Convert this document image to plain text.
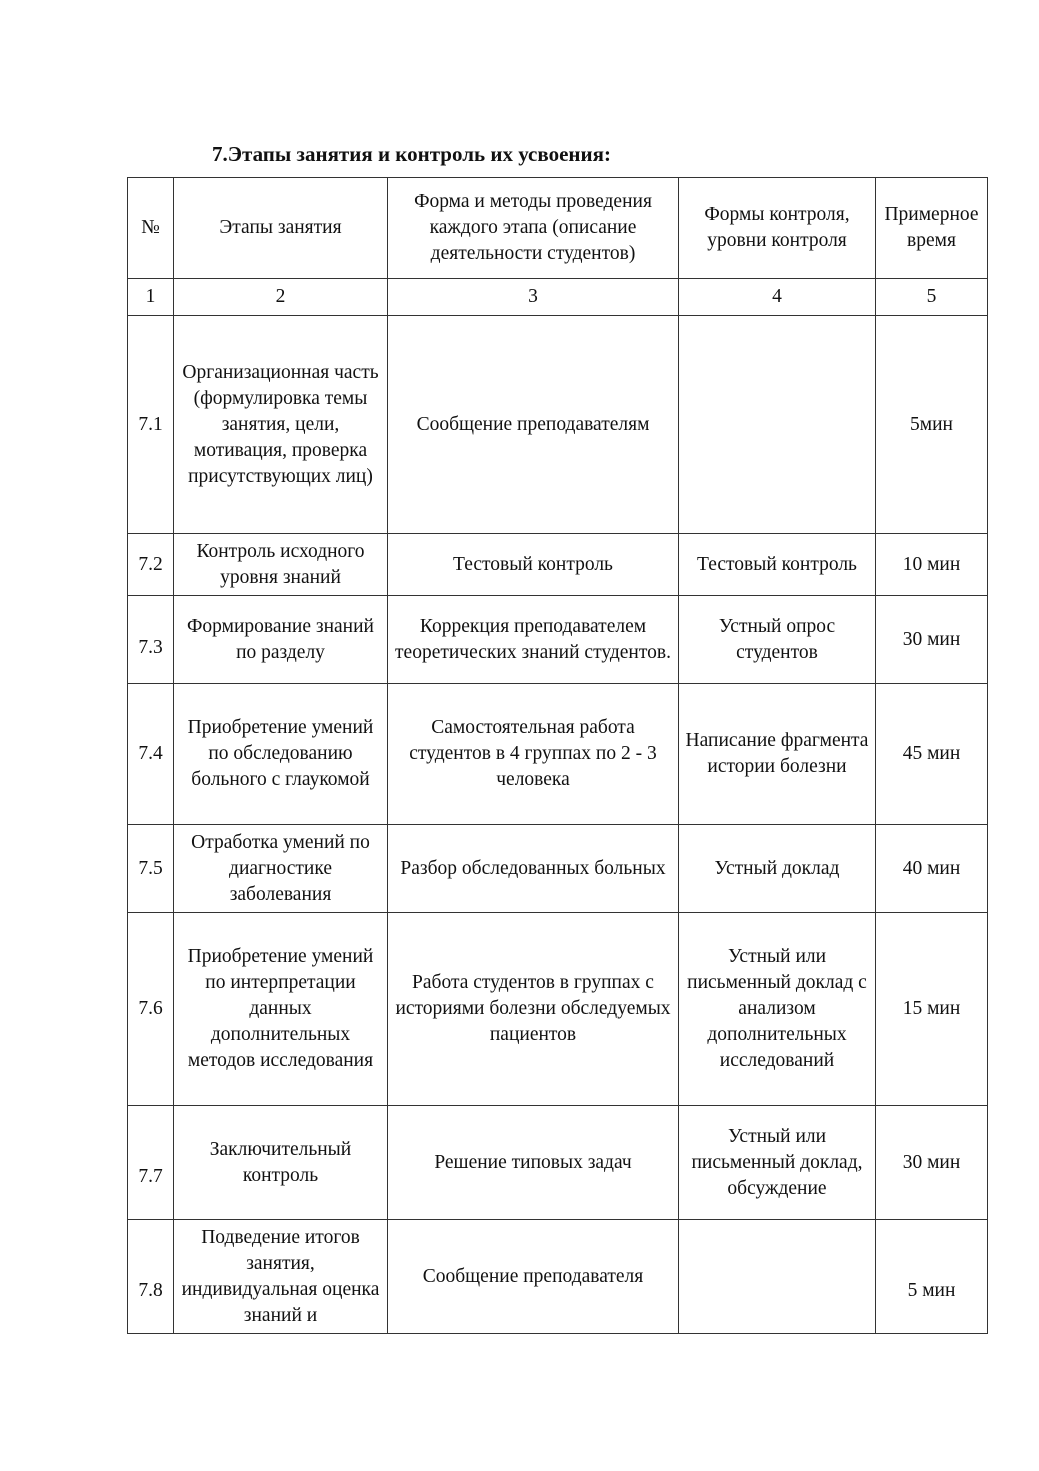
7.Этапы занятия и контроль их усвоения:
№	Этапы занятия	Форма и методы проведения каждого этапа (описание деятельности студентов)	Формы контроля, уровни контроля	Примерное время
1	2	3	4	5
7.1	Организационная часть (формулировка темы занятия, цели, мотивация, проверка присутствующих лиц)	Сообщение преподавателям		5мин
7.2	Контроль исходного уровня знаний	Тестовый контроль	Тестовый контроль	10 мин
7.3	Формирование знаний по разделу	Коррекция преподавателем теоретических знаний студентов.	Устный опрос студентов	30 мин
7.4	Приобретение умений по обследованию больного с глаукомой	Самостоятельная работа студентов в 4 группах по 2 - 3 человека	Написание фрагмента истории болезни	45 мин
7.5	Отработка умений по диагностике заболевания	Разбор обследованных больных	Устный доклад	40 мин
7.6	Приобретение умений по интерпретации данных дополнительных методов исследования	Работа студентов в группах с историями болезни обследуемых пациентов	Устный или письменный доклад с анализом дополнительных исследований	15 мин
7.7	Заключительный контроль	Решение типовых задач	Устный или письменный доклад, обсуждение	30 мин
7.8	Подведение итогов занятия, индивидуальная оценка знаний и	Сообщение преподавателя		5 мин
